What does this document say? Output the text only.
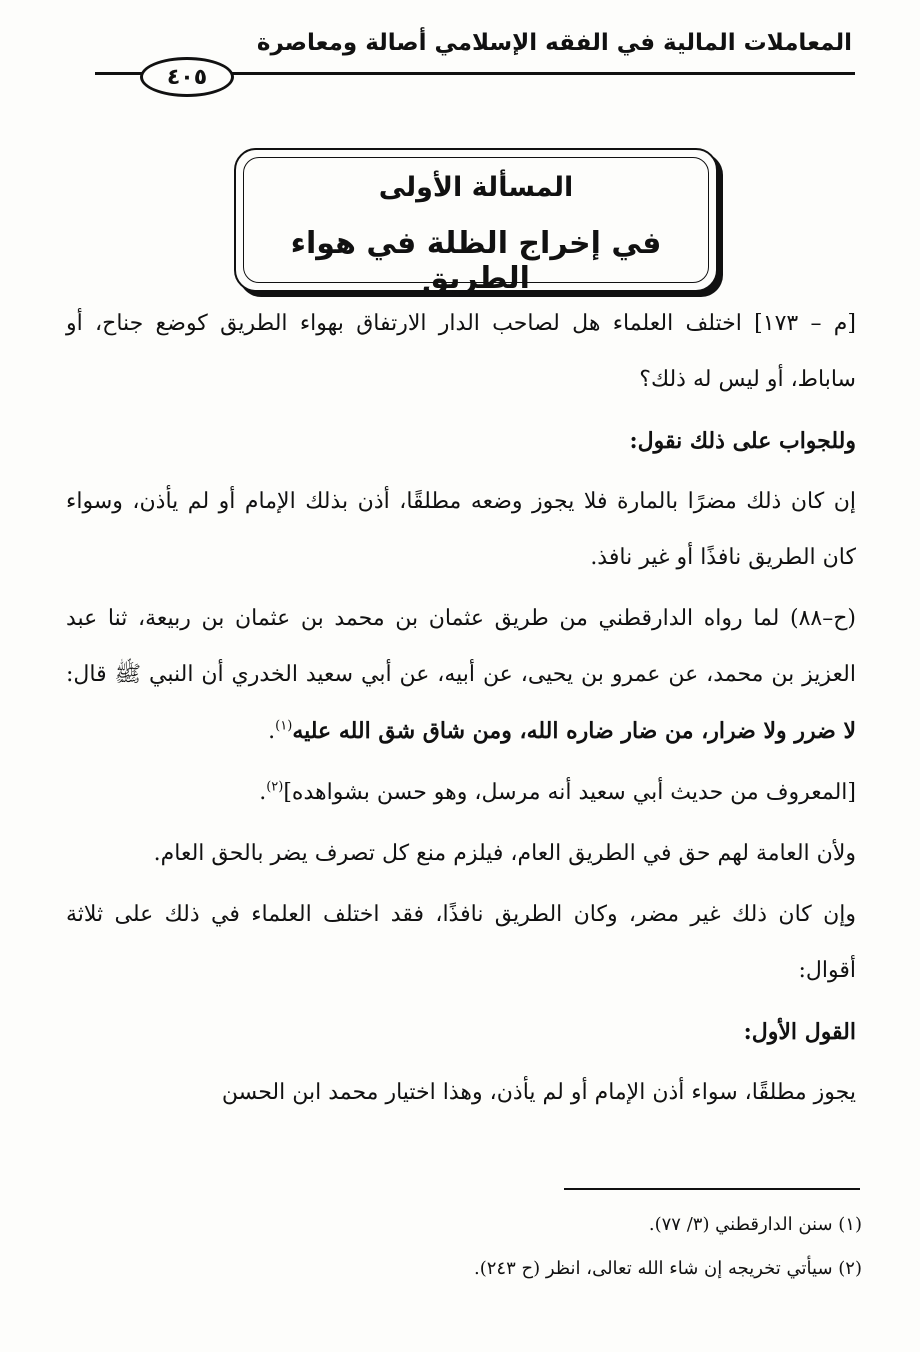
المعاملات المالية في الفقه الإسلامي أصالة ومعاصرة
٤٠٥
المسألة الأولى
في إخراج الظلة في هواء الطريق

[م – ١٧٣] اختلف العلماء هل لصاحب الدار الارتفاق بهواء الطريق كوضع جناح، أو ساباط، أو ليس له ذلك؟

وللجواب على ذلك نقول:

إن كان ذلك مضرًا بالمارة فلا يجوز وضعه مطلقًا، أذن بذلك الإمام أو لم يأذن، وسواء كان الطريق نافذًا أو غير نافذ.

(ح–٨٨) لما رواه الدارقطني من طريق عثمان بن محمد بن عثمان بن ربيعة، ثنا عبد العزيز بن محمد، عن عمرو بن يحيى، عن أبيه، عن أبي سعيد الخدري أن النبي ﷺ قال: لا ضرر ولا ضرار، من ضار ضاره الله، ومن شاق شق الله عليه$^{(١)}$.

[المعروف من حديث أبي سعيد أنه مرسل، وهو حسن بشواهده]$^{(٢)}$.

ولأن العامة لهم حق في الطريق العام، فيلزم منع كل تصرف يضر بالحق العام.

وإن كان ذلك غير مضر، وكان الطريق نافذًا، فقد اختلف العلماء في ذلك على ثلاثة أقوال:

القول الأول:

يجوز مطلقًا، سواء أذن الإمام أو لم يأذن، وهذا اختيار محمد ابن الحسن

(١) سنن الدارقطني (٣/ ٧٧).

(٢) سيأتي تخريجه إن شاء الله تعالى، انظر (ح ٢٤٣).
